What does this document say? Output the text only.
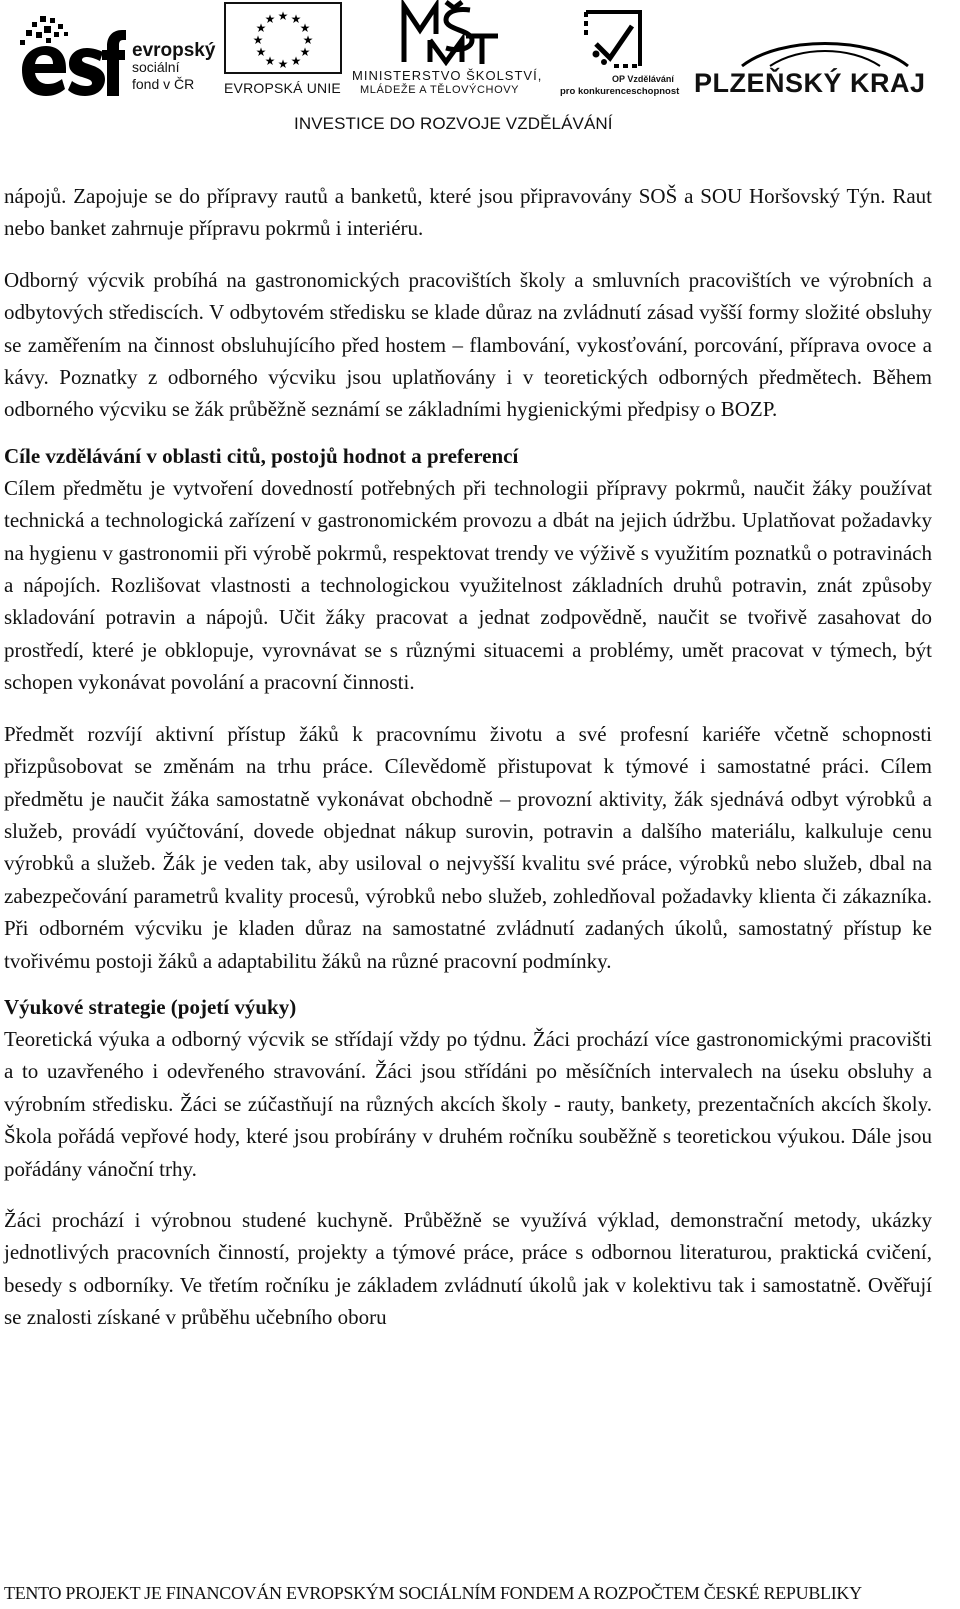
evropský
sociální
fond v ČR
★ ★
★
★
★
★
★
★
★
★
★
★
EVROPSKÁ UNIE
MINISTERSTVO ŠKOLSTVÍ,
MLÁDEŽE A TĚLOVÝCHOVY
OP Vzdělávání
pro konkurenceschopnost PLZEŇSKÝ KRAJ
INVESTICE DO ROZVOJE VZDĚLÁVÁNÍ

nápojů. Zapojuje se do přípravy rautů a banketů, které jsou připravovány SOŠ a SOU Horšovský Týn. Raut nebo banket zahrnuje přípravu pokrmů i interiéru.

Odborný výcvik probíhá na gastronomických pracovištích školy a smluvních pracovištích ve výrobních a odbytových střediscích. V odbytovém středisku se klade důraz na zvládnutí zásad vyšší formy složité obsluhy se zaměřením na činnost obsluhujícího před hostem – flambování, vykosťování, porcování, příprava ovoce a kávy. Poznatky z odborného výcviku jsou uplatňovány i v teoretických odborných předmětech. Během odborného výcviku se žák průběžně seznámí se základními hygienickými předpisy o BOZP.

Cíle vzdělávání v oblasti citů, postojů hodnot a preferencí

Cílem předmětu je vytvoření dovedností potřebných při technologii přípravy pokrmů, naučit žáky používat technická a technologická zařízení v gastronomickém provozu a dbát na jejich údržbu. Uplatňovat požadavky na hygienu v gastronomii při výrobě pokrmů, respektovat trendy ve výživě s využitím poznatků o potravinách a nápojích. Rozlišovat vlastnosti a technologickou využitelnost základních druhů potravin, znát způsoby skladování potravin a nápojů. Učit žáky pracovat a jednat zodpovědně, naučit se tvořivě zasahovat do prostředí, které je obklopuje, vyrovnávat se s různými situacemi a problémy, umět pracovat v týmech, být schopen vykonávat povolání a pracovní činnosti.

Předmět rozvíjí aktivní přístup žáků k pracovnímu životu a své profesní kariéře včetně schopnosti přizpůsobovat se změnám na trhu práce. Cílevědomě přistupovat k týmové i samostatné práci. Cílem předmětu je naučit žáka samostatně vykonávat obchodně – provozní aktivity, žák sjednává odbyt výrobků a služeb, provádí vyúčtování, dovede objednat nákup surovin, potravin a dalšího materiálu, kalkuluje cenu výrobků a služeb. Žák je veden tak, aby usiloval o nejvyšší kvalitu své práce, výrobků nebo služeb, dbal na zabezpečování parametrů kvality procesů, výrobků nebo služeb, zohledňoval požadavky klienta či zákazníka. Při odborném výcviku je kladen důraz na samostatné zvládnutí zadaných úkolů, samostatný přístup ke tvořivému postoji žáků a adaptabilitu žáků na různé pracovní podmínky.

Výukové strategie (pojetí výuky)

Teoretická výuka a odborný výcvik se střídají vždy po týdnu. Žáci prochází více gastronomickými pracovišti a to uzavřeného i odevřeného stravování. Žáci jsou střídáni po měsíčních intervalech na úseku obsluhy a výrobním středisku. Žáci se zúčastňují na různých akcích školy - rauty, bankety, prezentačních akcích školy. Škola pořádá vepřové hody, které jsou probírány v druhém ročníku souběžně s teoretickou výukou. Dále jsou pořádány vánoční trhy.

Žáci prochází i výrobnou studené kuchyně. Průběžně se využívá výklad, demonstrační metody, ukázky jednotlivých pracovních činností, projekty a týmové práce, práce s odbornou literaturou, praktická cvičení, besedy s odborníky. Ve třetím ročníku je základem zvládnutí úkolů jak v kolektivu tak i samostatně. Ověřují se znalosti získané v průběhu učebního oboru

TENTO PROJEKT JE FINANCOVÁN EVROPSKÝM SOCIÁLNÍM FONDEM A ROZPOČTEM ČESKÉ REPUBLIKY
